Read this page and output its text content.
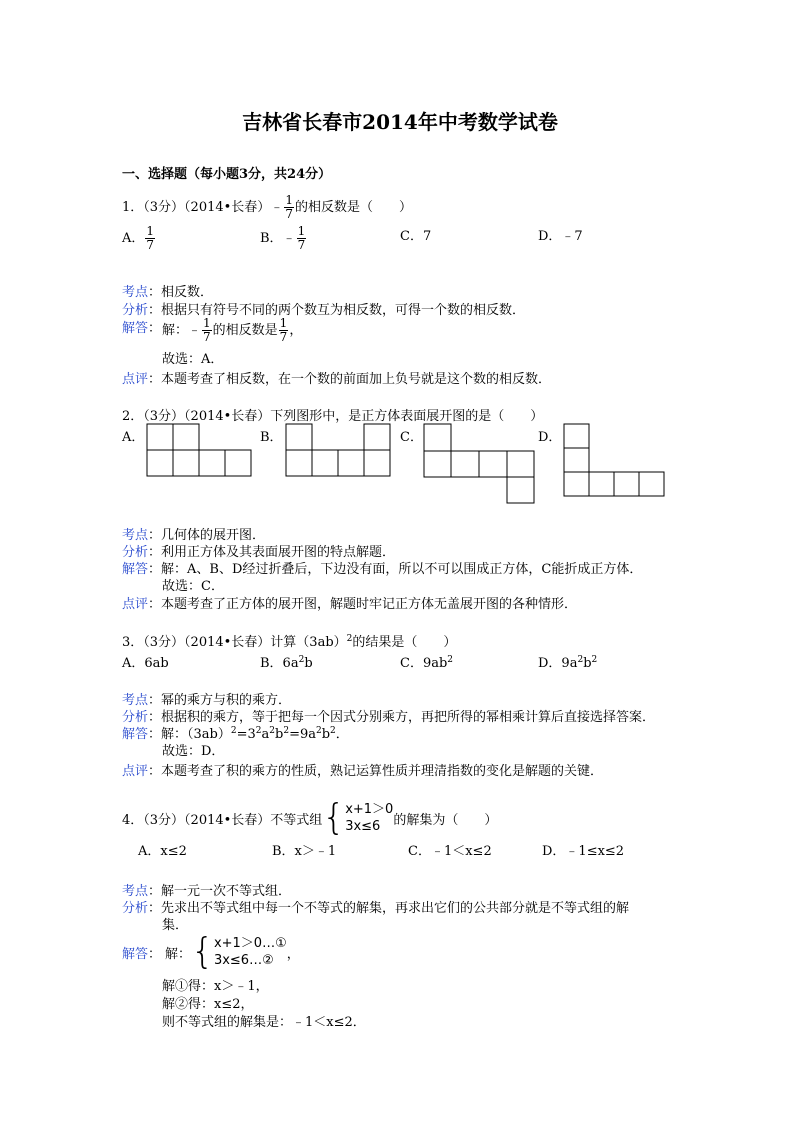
吉林省长春市2014年中考数学试卷
一、选择题（每小题3分，共24分）
1．（3分）（2014•长春）﹣ $\frac{1}{7}$ 的相反数是（　　）
A． $\frac{1}{7}$	B．﹣ $\frac{1}{7}$	C．7	D．﹣7
考点：相反数．
分析：根据只有符号不同的两个数互为相反数，可得一个数的相反数．
解答： 解：﹣ $\frac{1}{7}$ 的相反数是 $\frac{1}{7}$ ，
故选：A．
点评：本题考查了相反数，在一个数的前面加上负号就是这个数的相反数．
2．（3分）（2014•长春）下列图形中，是正方体表面展开图的是（　　）
A．	B．	C．	D．
考点：几何体的展开图．
分析：利用正方体及其表面展开图的特点解题．
解答：解：A、B、D经过折叠后，下边没有面，所以不可以围成正方体，C能折成正方体．
故选：C．
点评：本题考查了正方体的展开图，解题时牢记正方体无盖展开图的各种情形．
3．（3分）（2014•长春）计算$(3ab)^2$的结果是（　　）
A．6ab	B．$6a^2b$	C．$9ab^2$	D．$9a^2b^2$
考点：幂的乘方与积的乘方．
分析：根据积的乘方，等于把每一个因式分别乘方，再把所得的幂相乘计算后直接选择答案．
解答：解：$(3ab)^2=3^2a^2b^2=9a^2b^2$．
故选：D．
点评：本题考查了积的乘方的性质，熟记运算性质并理清指数的变化是解题的关键．
4．（3分）（2014•长春）不等式组 { x+1＞0
3x≤6	的解集为（　　）
A．x≤2	B．x＞﹣1	C．﹣1＜x≤2	D．﹣1≤x≤2
考点：解一元一次不等式组．
分析：先求出不等式组中每一个不等式的解集，再求出它们的公共部分就是不等式组的解
集．
解答 ： 解： { x+1＞0…①
3x≤6…②	，
解①得：x＞﹣1，
解②得：x≤2，
则不等式组的解集是：﹣1＜x≤2．
